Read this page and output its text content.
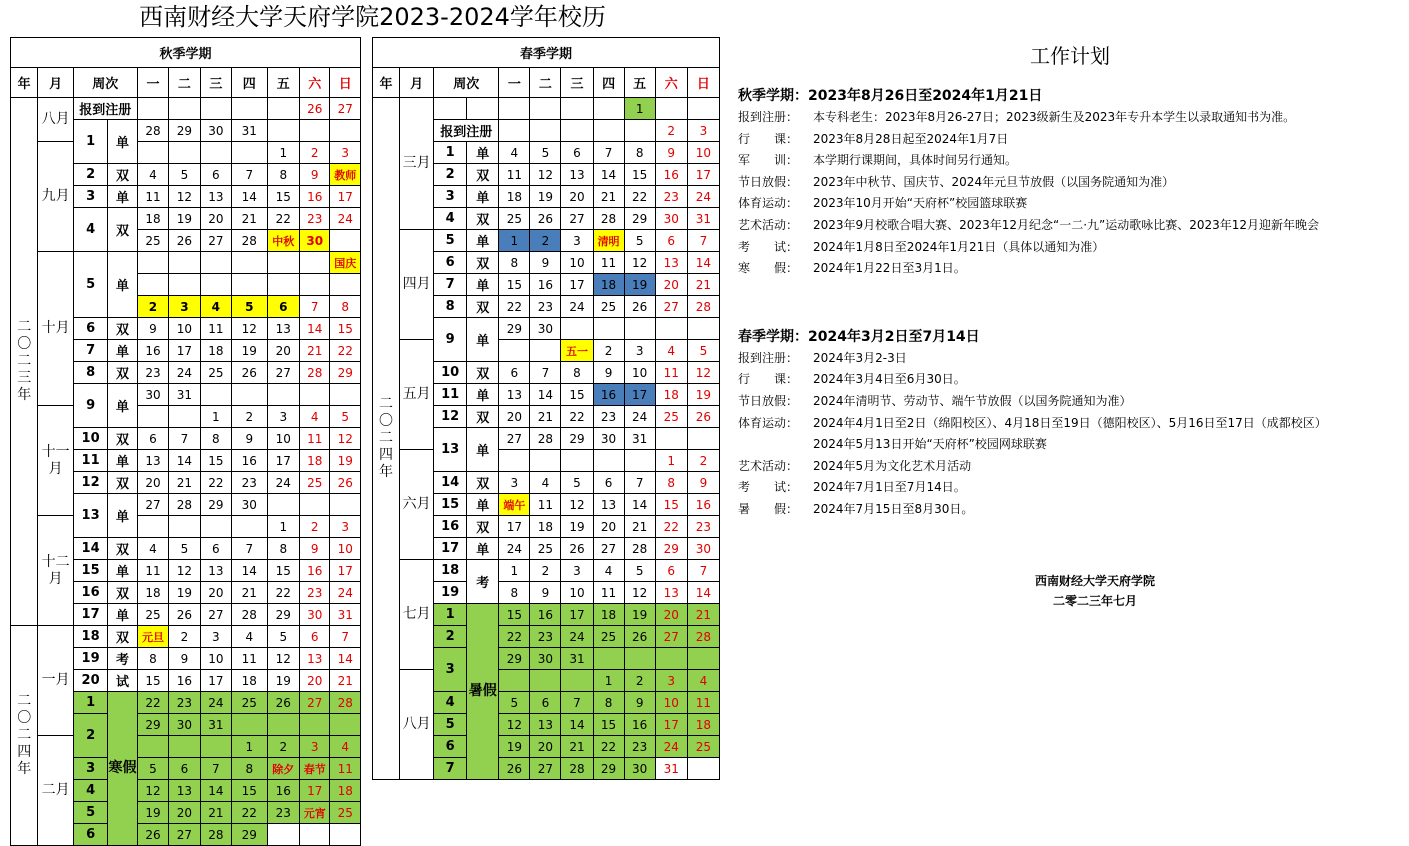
西南财经大学天府学院2023-2024学年校历
秋季学期										
年	月	周次		一	二	三	四	五	六	日
二〇二三年	八月	报到注册							26	27
		1	单	28	29	30	31			
	九月							1	2	3
		2	双	4	5	6	7	8	9	教师
		3	单	11	12	13	14	15	16	17
		4	双	18	19	20	21	22	23	24
				25	26	27	28	中秋	30	
	十月	5	单							国庆

				2	3	4	5	6	7	8
		6	双	9	10	11	12	13	14	15
		7	单	16	17	18	19	20	21	22
		8	双	23	24	25	26	27	28	29
		9	单	30	31					
	十一月					1	2	3	4	5
		10	双	6	7	8	9	10	11	12
		11	单	13	14	15	16	17	18	19
		12	双	20	21	22	23	24	25	26
		13	单	27	28	29	30			
	十二月							1	2	3
		14	双	4	5	6	7	8	9	10
		15	单	11	12	13	14	15	16	17
		16	双	18	19	20	21	22	23	24
		17	单	25	26	27	28	29	30	31
二〇二四年	一月	18	双	元旦	2	3	4	5	6	7
		19	考	8	9	10	11	12	13	14
		20	试	15	16	17	18	19	20	21
		1	寒假	22	23	24	25	26	27	28
		2		29	30	31				
	二月						1	2	3	4
		3		5	6	7	8	除夕	春节	11
		4		12	13	14	15	16	17	18
		5		19	20	21	22	23	元宵	25
		6		26	27	28	29			
春季学期										
年	月	周次		一	二	三	四	五	六	日
二〇二四年	三月							1		
		报到注册							2	3
		1	单	4	5	6	7	8	9	10
		2	双	11	12	13	14	15	16	17
		3	单	18	19	20	21	22	23	24
		4	双	25	26	27	28	29	30	31
	四月	5	单	1	2	3	清明	5	6	7
		6	双	8	9	10	11	12	13	14
		7	单	15	16	17	18	19	20	21
		8	双	22	23	24	25	26	27	28
		9	单	29	30					
	五月					五一	2	3	4	5
		10	双	6	7	8	9	10	11	12
		11	单	13	14	15	16	17	18	19
		12	双	20	21	22	23	24	25	26
		13	单	27	28	29	30	31		
	六月								1	2
		14	双	3	4	5	6	7	8	9
		15	单	端午	11	12	13	14	15	16
		16	双	17	18	19	20	21	22	23
		17	单	24	25	26	27	28	29	30
	七月	18	考	1	2	3	4	5	6	7
		19		8	9	10	11	12	13	14
		1	暑假	15	16	17	18	19	20	21
		2		22	23	24	25	26	27	28
		3		29	30	31				
	八月						1	2	3	4
		4		5	6	7	8	9	10	11
		5		12	13	14	15	16	17	18
		6		19	20	21	22	23	24	25
		7		26	27	28	29	30	31	
工作计划
秋季学期：2023年8月26日至2024年1月21日
报到注册： 本专科老生：2023年8月26-27日；2023级新生及2023年专升本学生以录取通知书为准。
行　　课： 2023年8月28日起至2024年1月7日
军　　训： 本学期行课期间，具体时间另行通知。
节日放假： 2023年中秋节、国庆节、2024年元旦节放假（以国务院通知为准）
体育运动： 2023年10月开始“天府杯”校园篮球联赛
艺术活动： 2023年9月校歌合唱大赛、2023年12月纪念“一二·九”运动歌咏比赛、2023年12月迎新年晚会
考　　试： 2024年1月8日至2024年1月21日（具体以通知为准）
寒　　假： 2024年1月22日至3月1日。
春季学期：2024年3月2日至7月14日
报到注册： 2024年3月2-3日
行　　课： 2024年3月4日至6月30日。
节日放假： 2024年清明节、劳动节、端午节放假（以国务院通知为准）
体育运动： 2024年4月1日至2日（绵阳校区）、4月18日至19日（德阳校区）、5月16日至17日（成都校区）
2024年5月13日开始“天府杯”校园网球联赛
艺术活动： 2024年5月为文化艺术月活动
考　　试： 2024年7月1日至7月14日。
暑　　假： 2024年7月15日至8月30日。
西南财经大学天府学院
二零二三年七月
